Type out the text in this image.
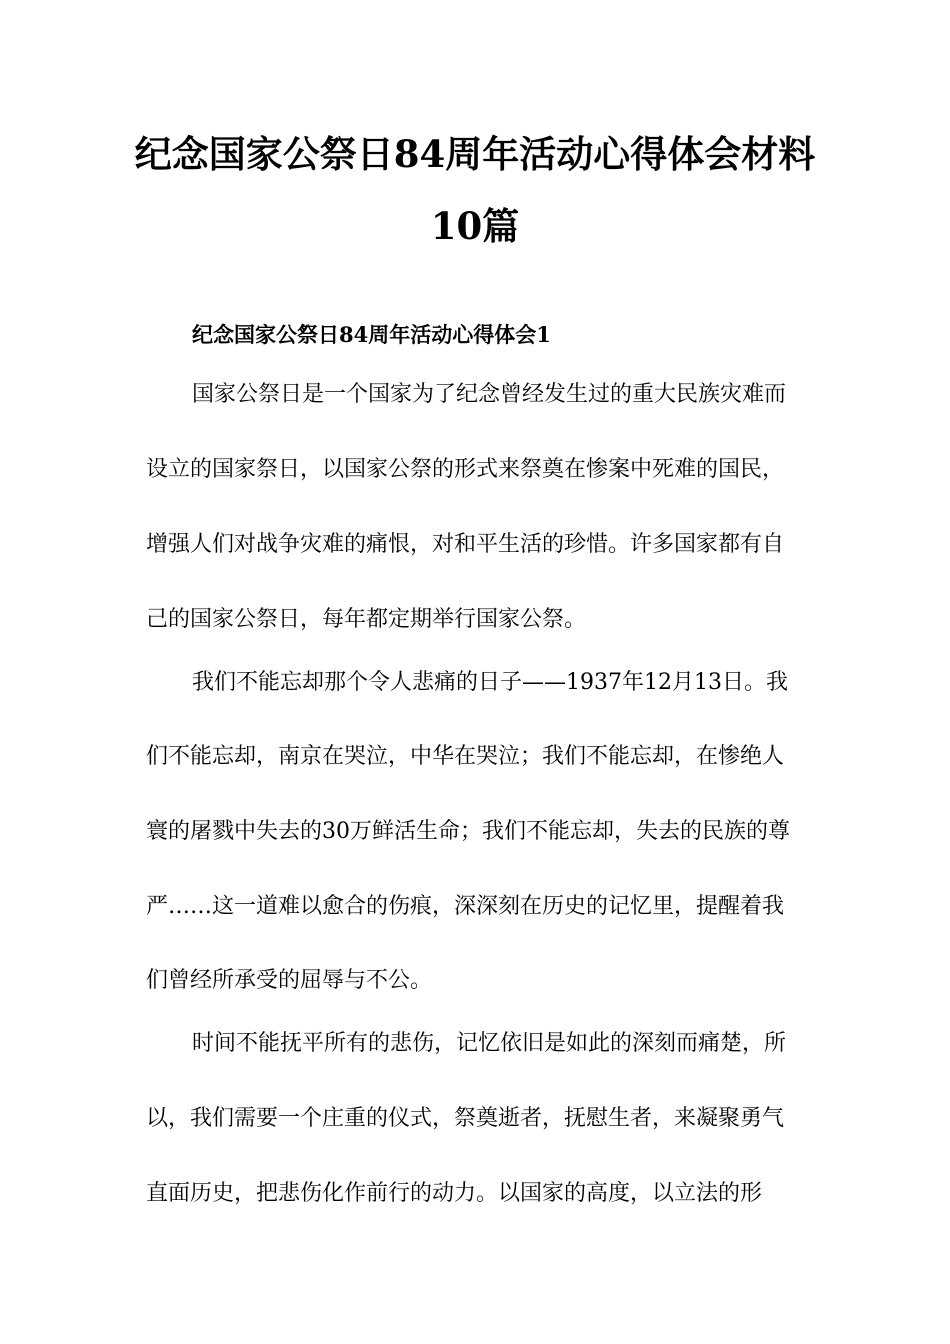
纪念国家公祭日84周年活动心得体会材料
10篇
纪念国家公祭日84周年活动心得体会1
国家公祭日是一个国家为了纪念曾经发生过的重大民族灾难而
设立的国家祭日，以国家公祭的形式来祭奠在惨案中死难的国民，
增强人们对战争灾难的痛恨，对和平生活的珍惜。许多国家都有自
己的国家公祭日，每年都定期举行国家公祭。
我们不能忘却那个令人悲痛的日子——1937年12月13日。我
们不能忘却，南京在哭泣，中华在哭泣；我们不能忘却，在惨绝人
寰的屠戮中失去的30万鲜活生命；我们不能忘却，失去的民族的尊
严……这一道难以愈合的伤痕，深深刻在历史的记忆里，提醒着我
们曾经所承受的屈辱与不公。
时间不能抚平所有的悲伤，记忆依旧是如此的深刻而痛楚，所
以，我们需要一个庄重的仪式，祭奠逝者，抚慰生者，来凝聚勇气
直面历史，把悲伤化作前行的动力。以国家的高度，以立法的形
